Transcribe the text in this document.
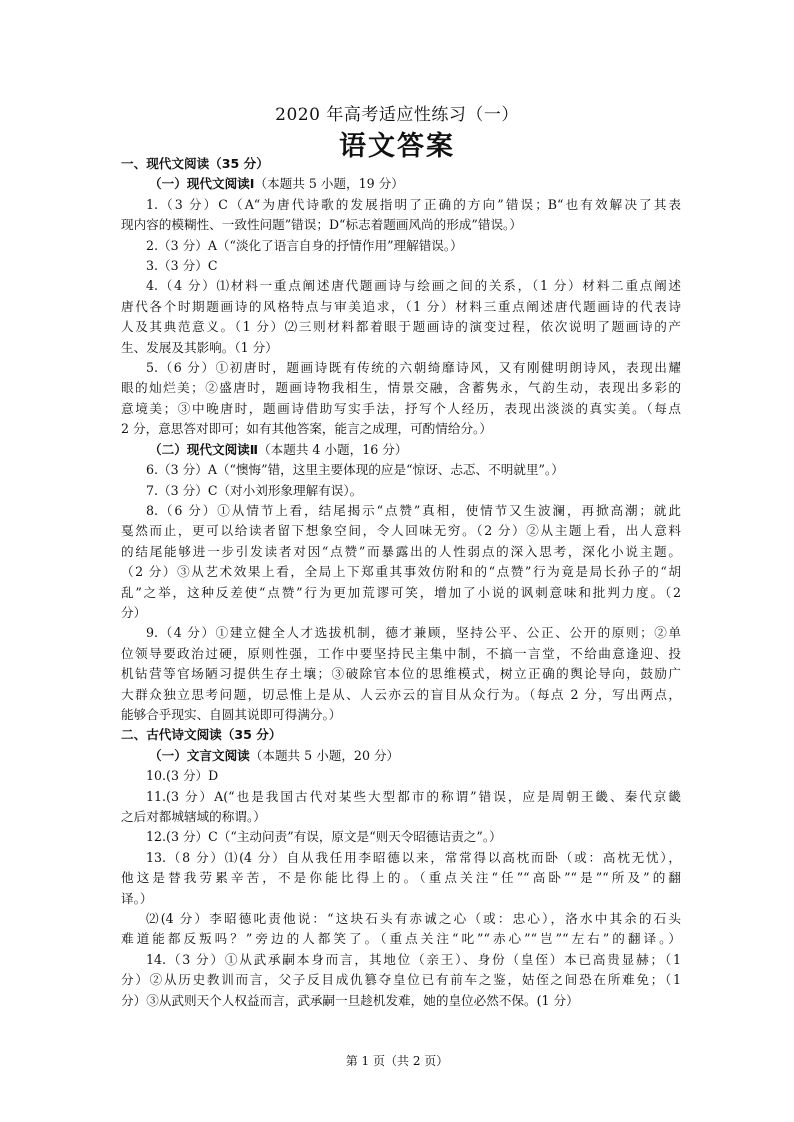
2020 年高考适应性练习（一）
语文答案
一、现代文阅读（35 分）
（一）现代文阅读Ⅰ（本题共 5 小题，19 分）
1.（3 分）C（A“为唐代诗歌的发展指明了正确的方向”错误；B“也有效解决了其表
现内容的模糊性、一致性问题”错误；D“标志着题画风尚的形成”错误。）
2.（3 分）A（“淡化了语言自身的抒情作用”理解错误。）
3.（3 分）C
4.（4 分）⑴材料一重点阐述唐代题画诗与绘画之间的关系，（1 分）材料二重点阐述
唐代各个时期题画诗的风格特点与审美追求，（1 分）材料三重点阐述唐代题画诗的代表诗
人及其典范意义。（1 分）⑵三则材料都着眼于题画诗的演变过程，依次说明了题画诗的产
生、发展及其影响。（1 分）
5.（6 分）①初唐时，题画诗既有传统的六朝绮靡诗风，又有刚健明朗诗风，表现出耀
眼的灿烂美；②盛唐时，题画诗物我相生，情景交融，含蓄隽永，气韵生动，表现出多彩的
意境美；③中晚唐时，题画诗借助写实手法，抒写个人经历，表现出淡淡的真实美。（每点
2 分，意思答对即可；如有其他答案，能言之成理，可酌情给分。）
（二）现代文阅读Ⅱ（本题共 4 小题，16 分）
6.（3 分）A（“懊悔”错，这里主要体现的应是“惊讶、忐忑、不明就里”。）
7.（3 分）C（对小刘形象理解有误）。
8.（6 分）①从情节上看，结尾揭示“点赞”真相，使情节又生波澜，再掀高潮；就此
戛然而止，更可以给读者留下想象空间，令人回味无穷。（2 分）②从主题上看，出人意料
的结尾能够进一步引发读者对因“点赞”而暴露出的人性弱点的深入思考，深化小说主题。
（2 分）③从艺术效果上看，全局上下郑重其事效仿附和的“点赞”行为竟是局长孙子的“胡
乱”之举，这种反差使“点赞”行为更加荒谬可笑，增加了小说的讽刺意味和批判力度。（2
分）
9.（4 分）①建立健全人才选拔机制，德才兼顾，坚持公平、公正、公开的原则；②单
位领导要政治过硬，原则性强，工作中要坚持民主集中制，不搞一言堂，不给曲意逢迎、投
机钻营等官场陋习提供生存土壤；③破除官本位的思维模式，树立正确的舆论导向，鼓励广
大群众独立思考问题，切忌惟上是从、人云亦云的盲目从众行为。（每点 2 分，写出两点，
能够合乎现实、自圆其说即可得满分。）
二、古代诗文阅读（35 分）
（一）文言文阅读（本题共 5 小题，20 分）
10.(3 分）D
11.(3 分）A(“也是我国古代对某些大型都市的称谓”错误，应是周朝王畿、秦代京畿
之后对都城辖域的称谓。）
12.(3 分）C（“主动问责”有误，原文是“则天令昭德诘责之”。）
13.（8 分）⑴(4 分）自从我任用李昭德以来，常常得以高枕而卧（或：高枕无忧），
他这是替我劳累辛苦，不是你能比得上的。（重点关注“任”“高卧”“是”“所及”的翻
译。）
⑵(4 分）李昭德叱责他说：“这块石头有赤诚之心（或：忠心），洛水中其余的石头
难道能都反叛吗？”旁边的人都笑了。（重点关注“叱”“赤心”“岂”“左右”的翻译。）
14.（3 分）①从武承嗣本身而言，其地位（亲王）、身份（皇侄）本已高贵显赫；（1
分）②从历史教训而言，父子反目成仇篡夺皇位已有前车之鉴，姑侄之间恐在所难免；（1
分）③从武则天个人权益而言，武承嗣一旦趁机发难，她的皇位必然不保。(1 分）
第 1 页（共 2 页）
